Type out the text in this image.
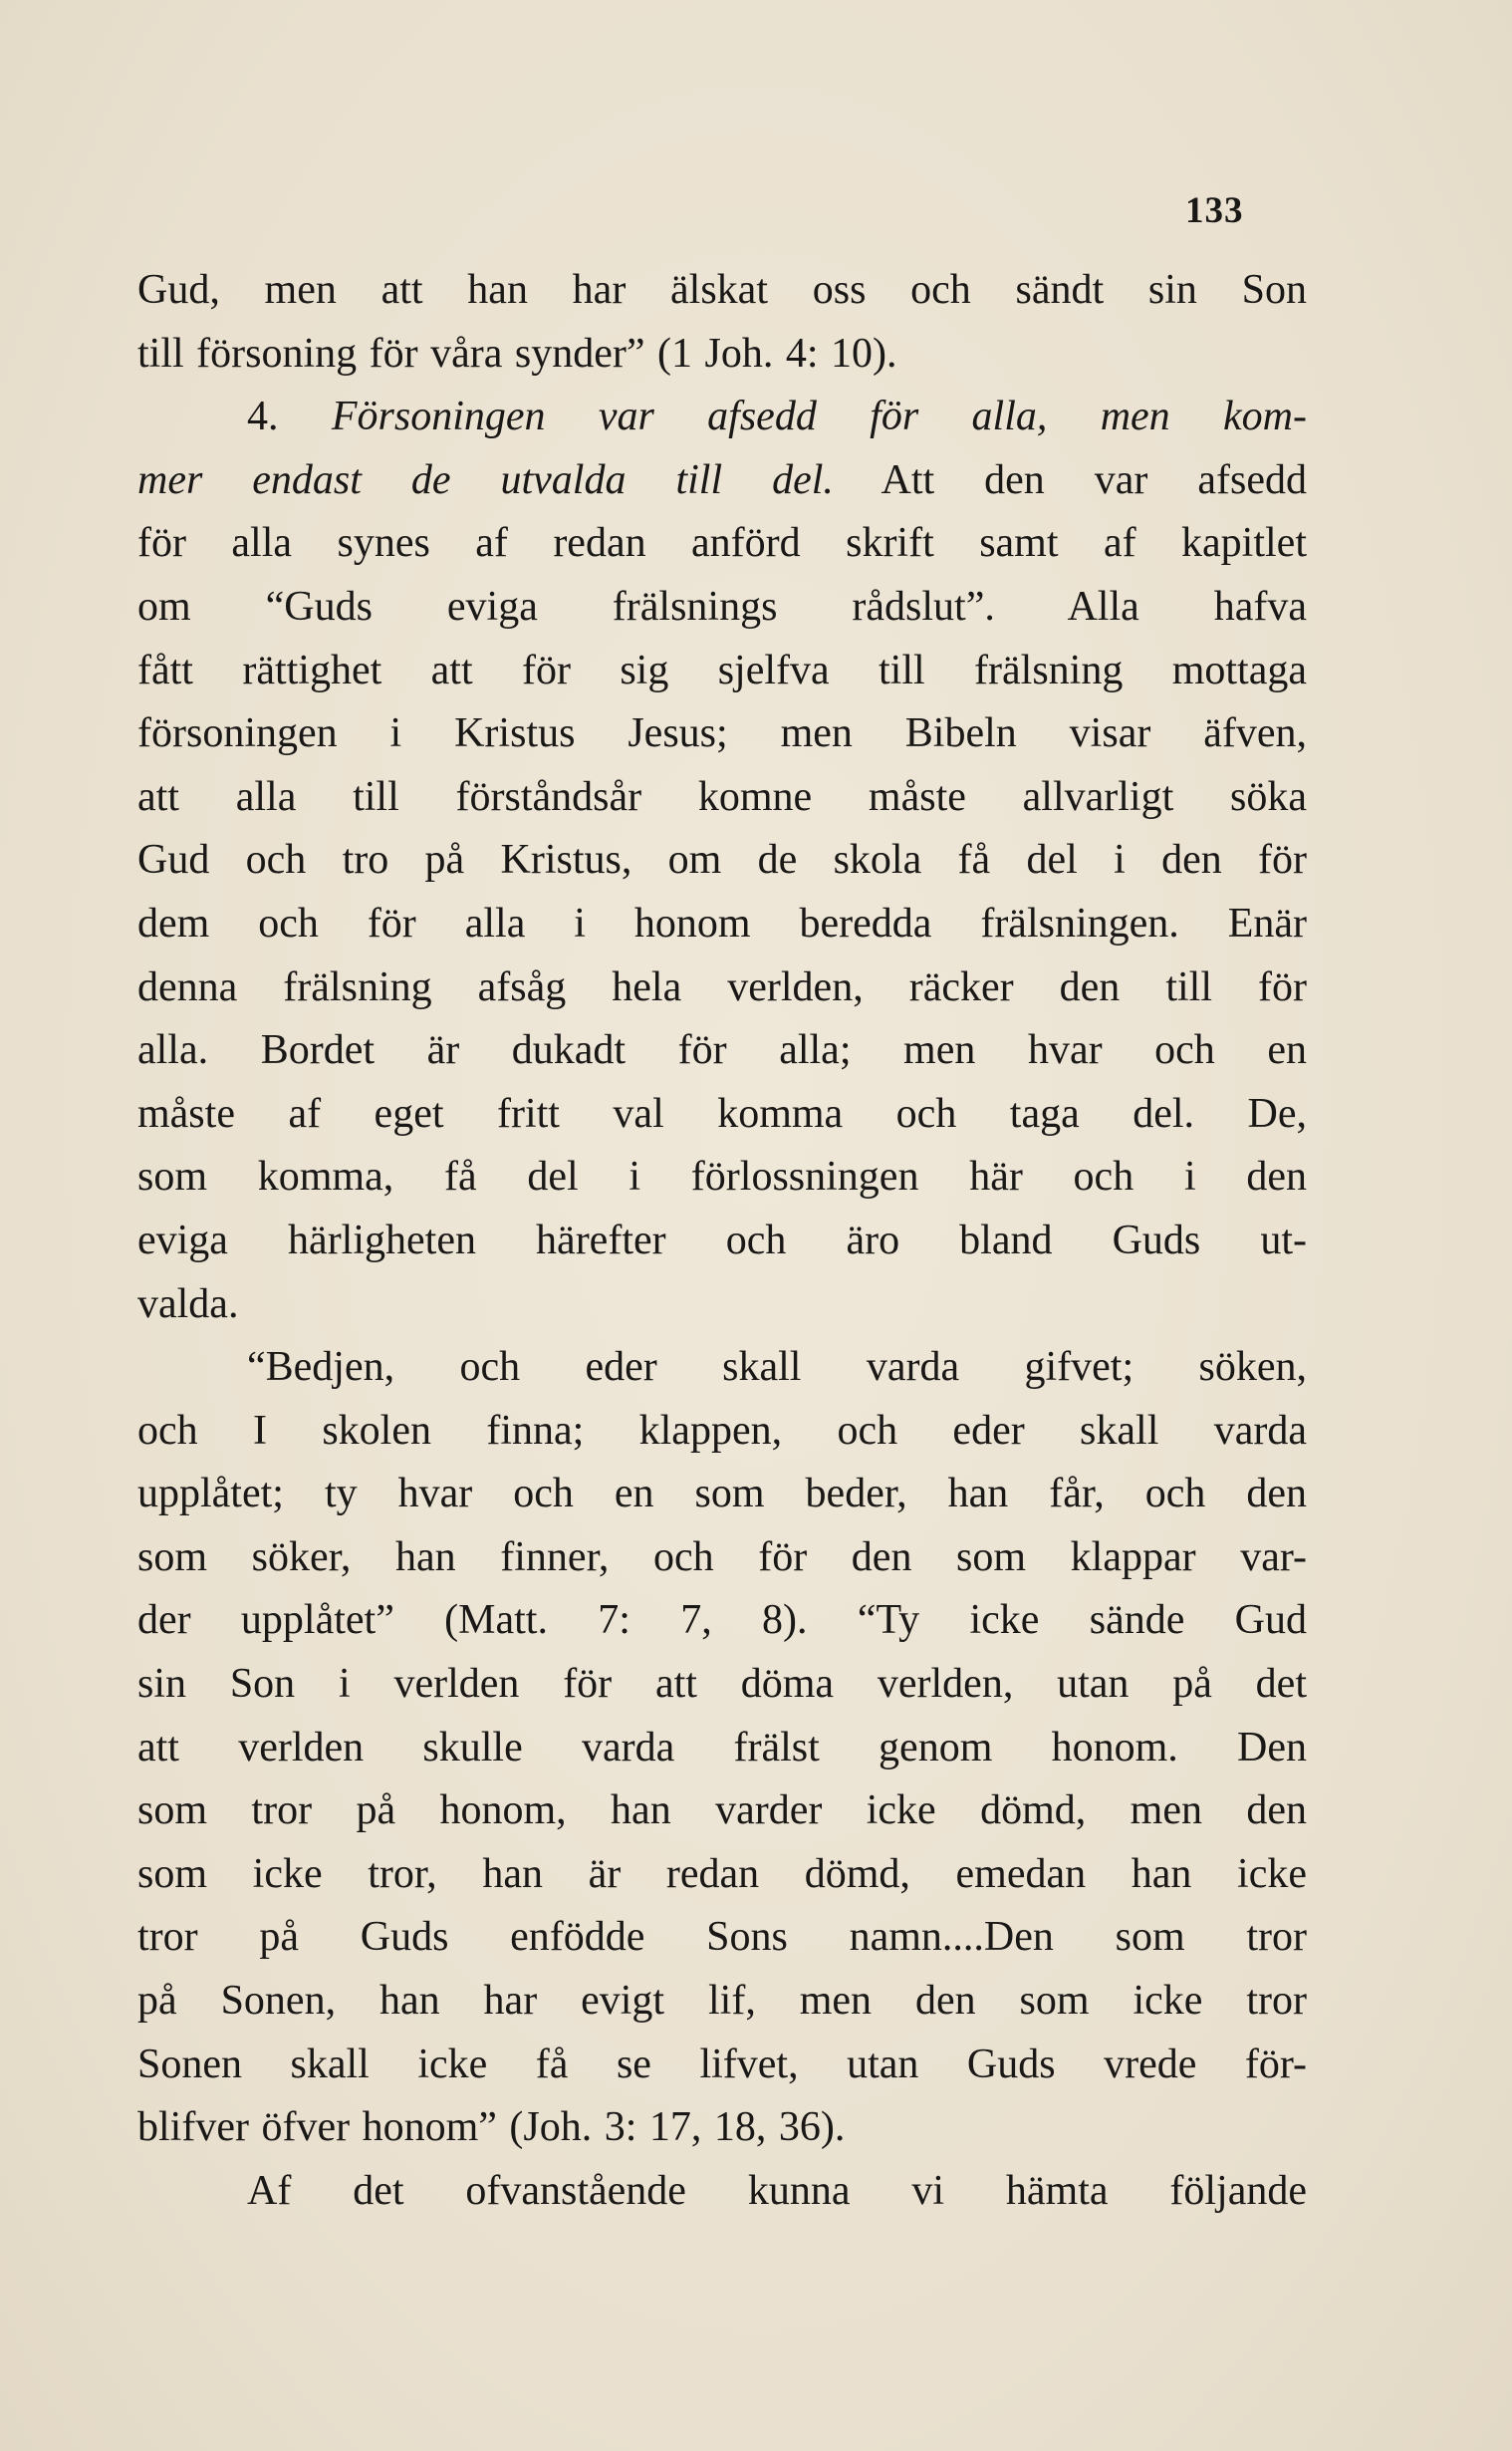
133
Gud, men att han har älskat oss och sändt sin Son
till försoning för våra synder” (1 Joh. 4: 10).
4. Försoningen var afsedd för alla, men kom-
mer endast de utvalda till del. Att den var afsedd
för alla synes af redan anförd skrift samt af kapitlet
om “Guds eviga frälsnings rådslut”. Alla hafva
fått rättighet att för sig sjelfva till frälsning mottaga
försoningen i Kristus Jesus; men Bibeln visar äfven,
att alla till förståndsår komne måste allvarligt söka
Gud och tro på Kristus, om de skola få del i den för
dem och för alla i honom beredda frälsningen. Enär
denna frälsning afsåg hela verlden, räcker den till för
alla. Bordet är dukadt för alla; men hvar och en
måste af eget fritt val komma och taga del. De,
som komma, få del i förlossningen här och i den
eviga härligheten härefter och äro bland Guds ut-
valda.
“Bedjen, och eder skall varda gifvet; söken,
och I skolen finna; klappen, och eder skall varda
upplåtet; ty hvar och en som beder, han får, och den
som söker, han finner, och för den som klappar var-
der upplåtet” (Matt. 7: 7, 8). “Ty icke sände Gud
sin Son i verlden för att döma verlden, utan på det
att verlden skulle varda frälst genom honom. Den
som tror på honom, han varder icke dömd, men den
som icke tror, han är redan dömd, emedan han icke
tror på Guds enfödde Sons namn....Den som tror
på Sonen, han har evigt lif, men den som icke tror
Sonen skall icke få se lifvet, utan Guds vrede för-
blifver öfver honom” (Joh. 3: 17, 18, 36).
Af det ofvanstående kunna vi hämta följande
